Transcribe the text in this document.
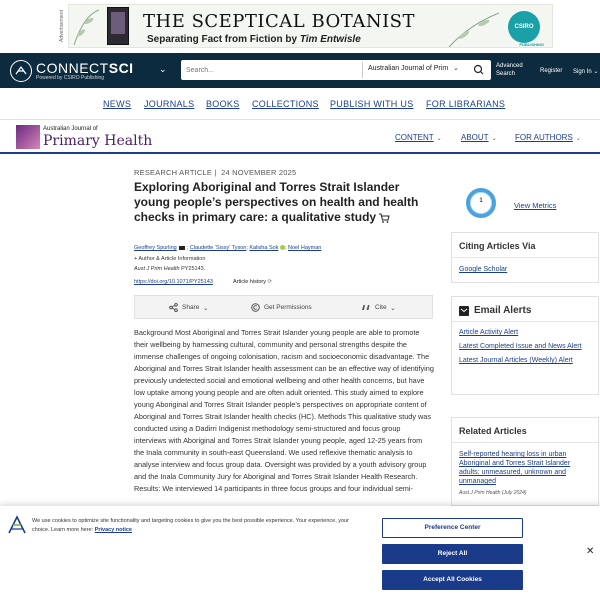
Advertisement	THE SCEPTICAL BOTANIST
Separating Fact from Fiction by Tim Entwisle
CSIRO
PUBLISHING
CONNECTSCI
Powered by CSIRO Publishing
⌄
Search...	Australian Journal of Prim ⌄	Advanced
Search	Register Sign In ⌄
NEWS JOURNALS BOOKS COLLECTIONS PUBLISH WITH US FOR LIBRARIANS
Australian Journal of
Primary Health	CONTENT ⌄ ABOUT ⌄ FOR AUTHORS ⌄
RESEARCH ARTICLE |  24 NOVEMBER 2025
Exploring Aboriginal and Torres Strait Islander young people’s perspectives on health and health checks in primary care: a qualitative study
Geoffrey Spurling ; Claudette ‘Sissy’ Tyson; Kalisha Sok ; Noel Hayman
+ Author & Article Information
Aust J Prim Health PY25143.
https://doi.org/10.1071/PY25143	Article history ⟳
Share
⌄	Get Permissions	Cite
⌄
Background Most Aboriginal and Torres Strait Islander young people are able to promote their wellbeing by harnessing cultural, community and personal strengths despite the immense challenges of ongoing colonisation, racism and socioeconomic disadvantage. The Aboriginal and Torres Strait Islander health assessment can be an effective way of identifying previously undetected social and emotional wellbeing and other health concerns, but have low uptake among young people and are often adult oriented. This study aimed to explore young Aboriginal and Torres Strait Islander people’s perspectives on appropriate content of Aboriginal and Torres Strait Islander health checks (HC). Methods This qualitative study was conducted using a Dadirri Indigenist methodology semi-structured and focus group interviews with Aboriginal and Torres Strait Islander young people, aged 12-25 years from the Inala community in south-east Queensland. We used reflexive thematic analysis to analyse interview and focus group data. Oversight was provided by a youth advisory group and the Inala Community Jury for Aboriginal and Torres Strait Islander Health Research. Results: We interviewed 14 participants in three focus groups and four individual semi-
1	View Metrics
Citing Articles Via
Google Scholar
Email Alerts
Article Activity Alert
Latest Completed Issue and News Alert
Latest Journal Articles (Weekly) Alert
Related Articles
Self-reported hearing loss in urban Aboriginal and Torres Strait Islander adults: unmeasured, unknown and unmanaged
Aust J Prim Health (July 2024)
We use cookies to optimize site functionality and targeting cookies to give you the best possible experience. Your experience, your choice. Learn more here: Privacy notice	Preference Center
Reject All
Accept All Cookies
✕
